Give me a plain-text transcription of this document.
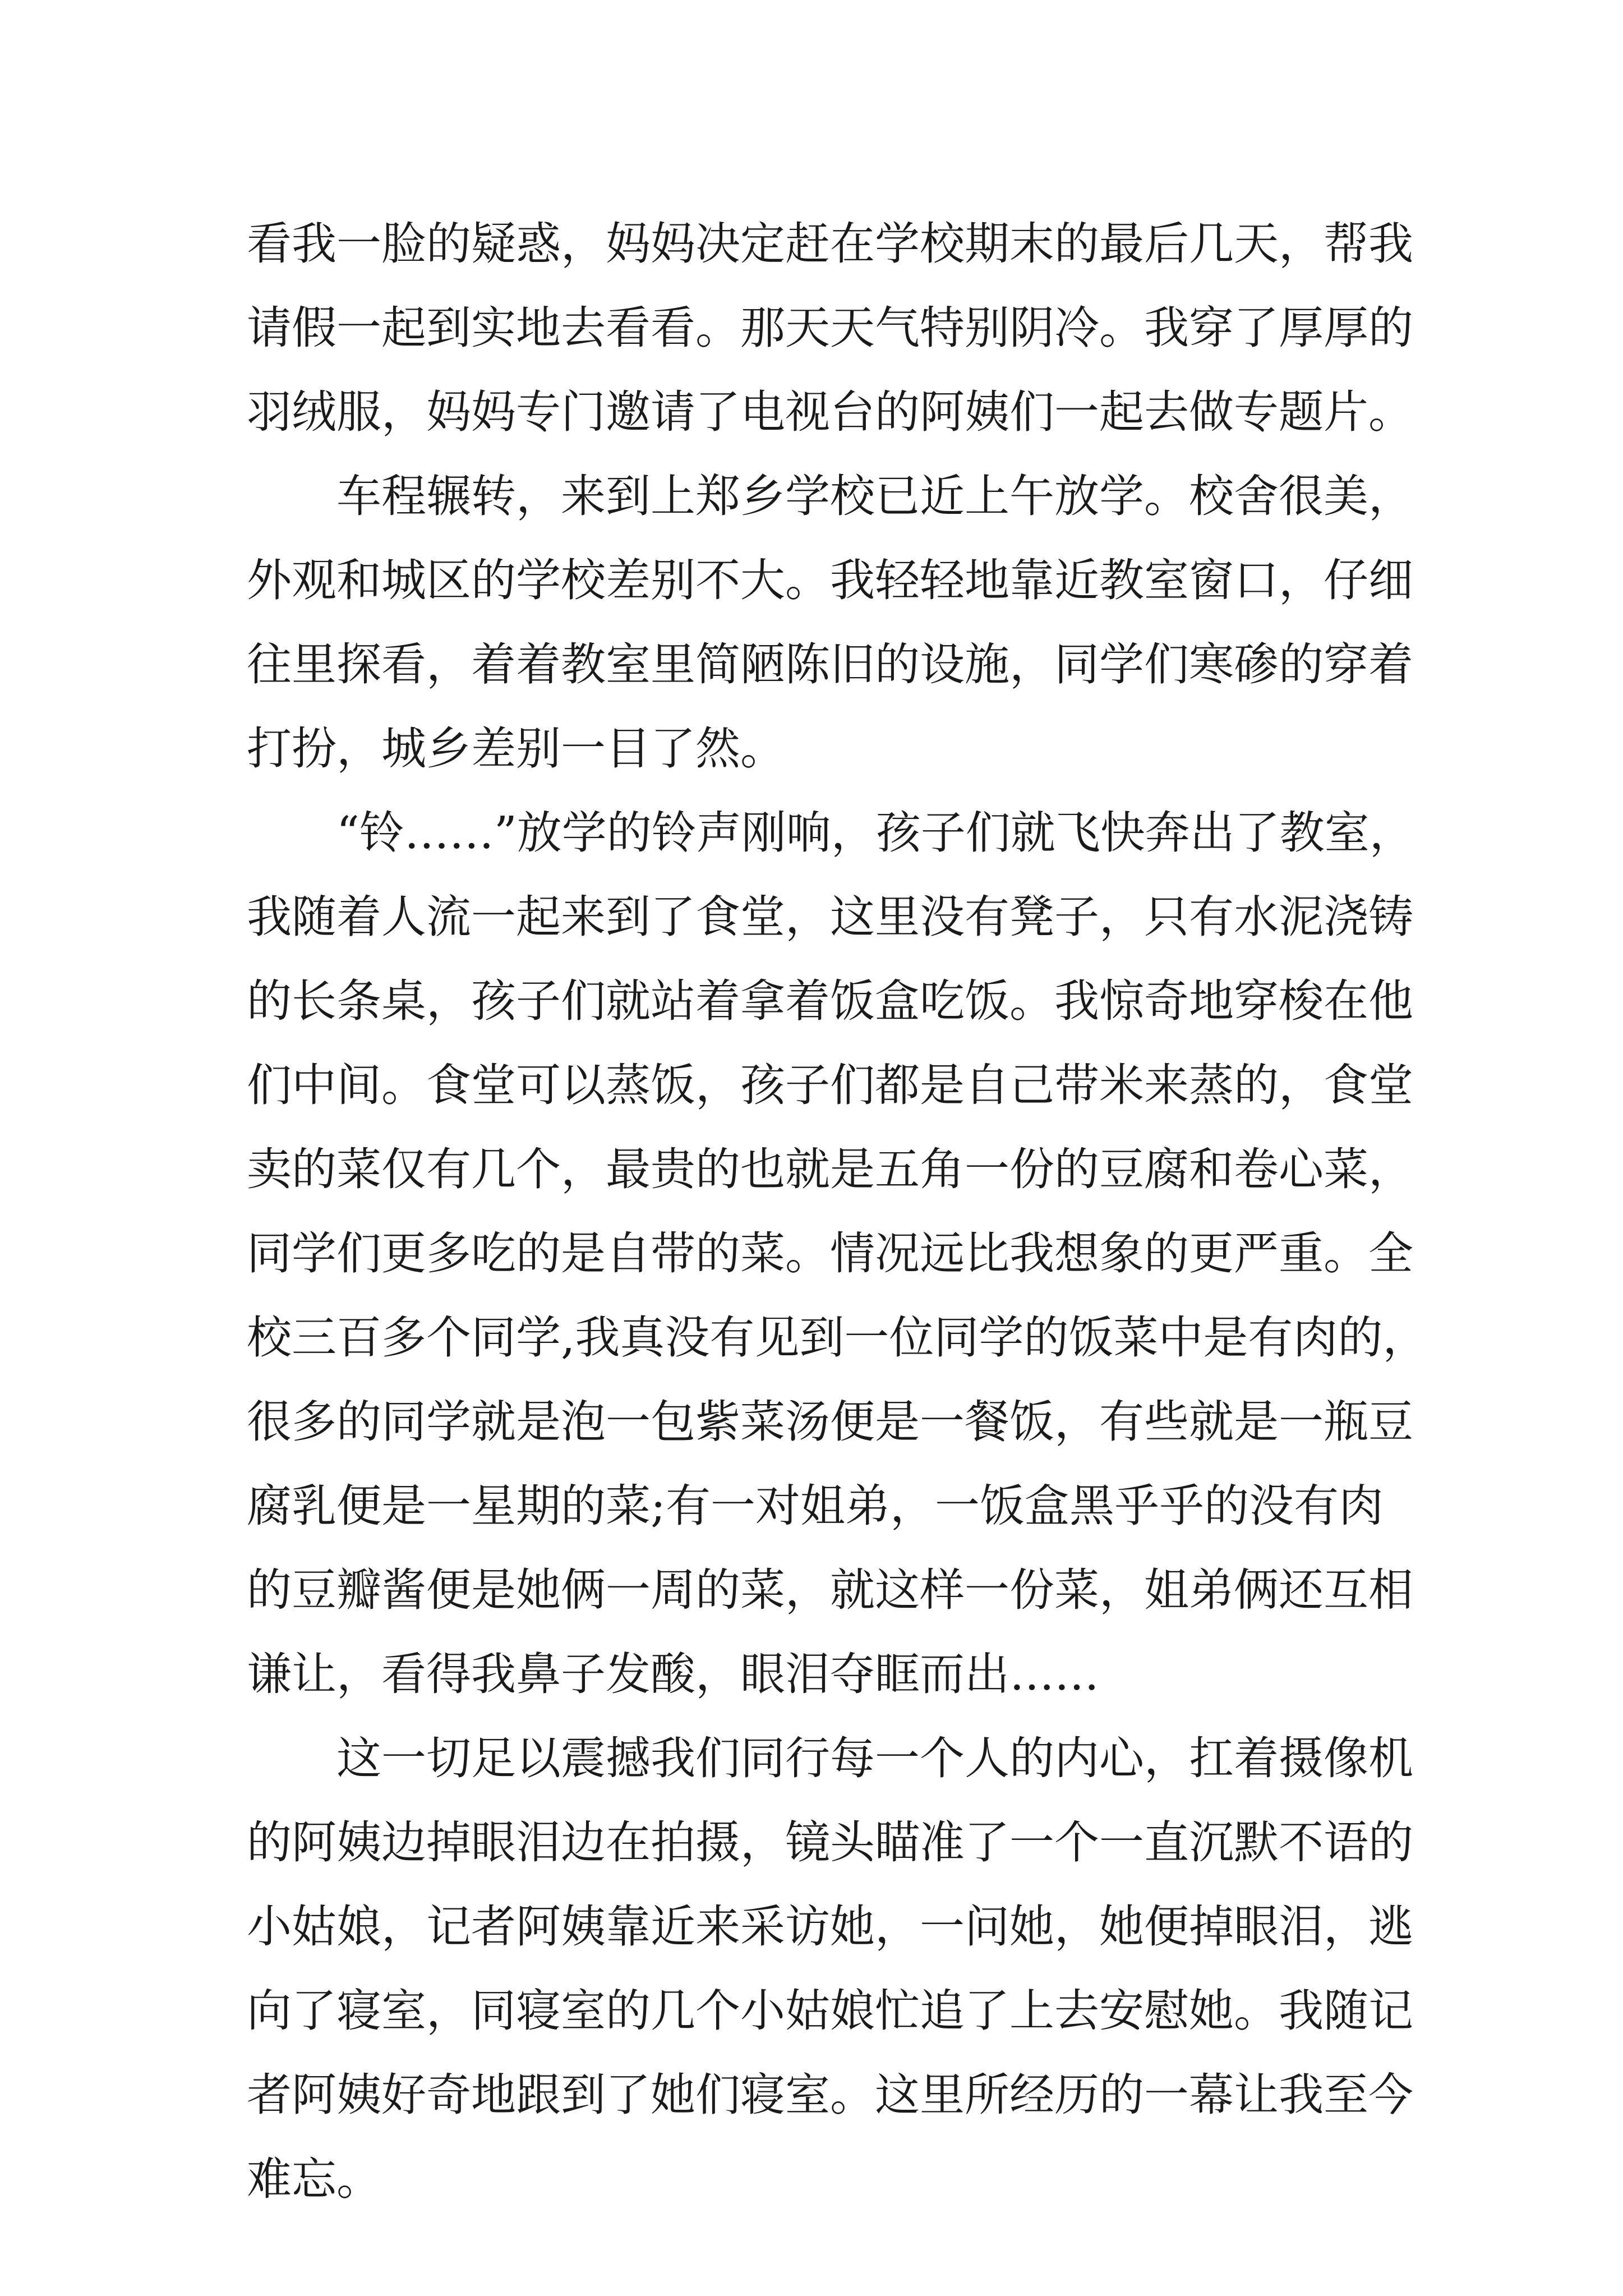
看我一脸的疑惑，妈妈决定赶在学校期末的最后几天，帮我

请假一起到实地去看看。那天天气特别阴冷。我穿了厚厚的

羽绒服，妈妈专门邀请了电视台的阿姨们一起去做专题片。

车程辗转，来到上郑乡学校已近上午放学。校舍很美，

外观和城区的学校差别不大。我轻轻地靠近教室窗口，仔细

往里探看，着着教室里简陋陈旧的设施，同学们寒碜的穿着

打扮，城乡差别一目了然。

“铃……”放学的铃声刚响，孩子们就飞快奔出了教室，

我随着人流一起来到了食堂，这里没有凳子，只有水泥浇铸

的长条桌，孩子们就站着拿着饭盒吃饭。我惊奇地穿梭在他

们中间。食堂可以蒸饭，孩子们都是自己带米来蒸的，食堂

卖的菜仅有几个，最贵的也就是五角一份的豆腐和卷心菜，

同学们更多吃的是自带的菜。情况远比我想象的更严重。全

校三百多个同学,我真没有见到一位同学的饭菜中是有肉的，

很多的同学就是泡一包紫菜汤便是一餐饭，有些就是一瓶豆

腐乳便是一星期的菜;有一对姐弟，一饭盒黑乎乎的没有肉

的豆瓣酱便是她俩一周的菜，就这样一份菜，姐弟俩还互相

谦让，看得我鼻子发酸，眼泪夺眶而出……

这一切足以震撼我们同行每一个人的内心，扛着摄像机

的阿姨边掉眼泪边在拍摄，镜头瞄准了一个一直沉默不语的

小姑娘，记者阿姨靠近来采访她，一问她，她便掉眼泪，逃

向了寝室，同寝室的几个小姑娘忙追了上去安慰她。我随记

者阿姨好奇地跟到了她们寝室。这里所经历的一幕让我至今

难忘。
